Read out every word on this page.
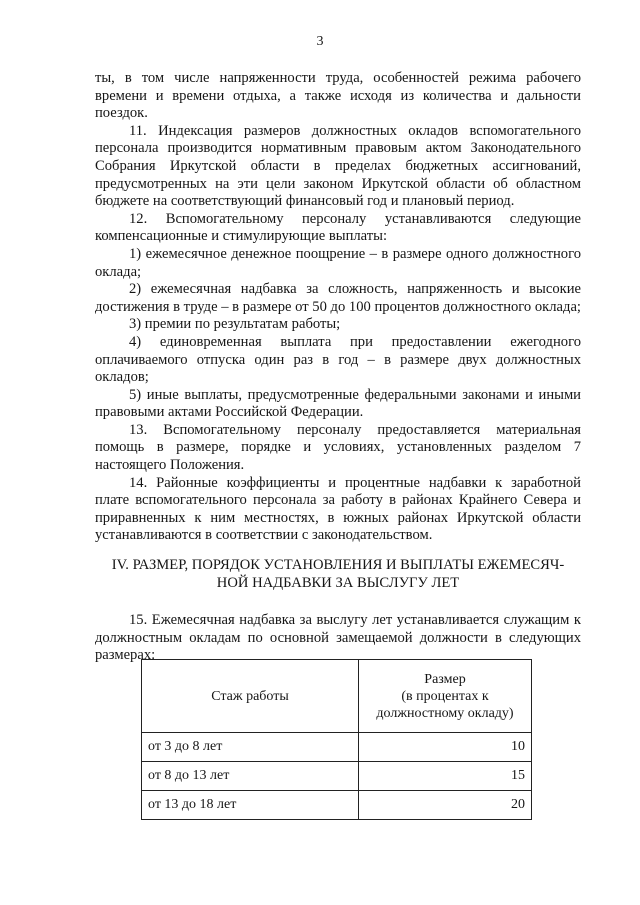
3

ты, в том числе напряженности труда, особенностей режима рабочего времени и времени отдыха, а также исходя из количества и дальности поездок.

11. Индексация размеров должностных окладов вспомогательного персонала производится нормативным правовым актом Законодательного Собрания Иркутской области в пределах бюджетных ассигнований, предусмотренных на эти цели законом Иркутской области об областном бюджете на соответствующий финансовый год и плановый период.

12. Вспомогательному персоналу устанавливаются следующие компенсационные и стимулирующие выплаты:

1) ежемесячное денежное поощрение – в размере одного должностного оклада;

2) ежемесячная надбавка за сложность, напряженность и высокие достижения в труде – в размере от 50 до 100 процентов должностного оклада;

3) премии по результатам работы;

4) единовременная выплата при предоставлении ежегодного оплачиваемого отпуска один раз в год – в размере двух должностных окладов;

5) иные выплаты, предусмотренные федеральными законами и иными правовыми актами Российской Федерации.

13. Вспомогательному персоналу предоставляется материальная помощь в размере, порядке и условиях, установленных разделом 7 настоящего Положения.

14. Районные коэффициенты и процентные надбавки к заработной плате вспомогательного персонала за работу в районах Крайнего Севера и приравненных к ним местностях, в южных районах Иркутской области устанавливаются в соответствии с законодательством.

IV. РАЗМЕР, ПОРЯДОК УСТАНОВЛЕНИЯ И ВЫПЛАТЫ ЕЖЕМЕСЯЧ-
НОЙ НАДБАВКИ ЗА ВЫСЛУГУ ЛЕТ

15. Ежемесячная надбавка за выслугу лет устанавливается служащим к должностным окладам по основной замещаемой должности в следующих размерах:

Стаж работы	Размер
(в процентах к
должностному окладу)

от 3 до 8 лет	10
от 8 до 13 лет	15
от 13 до 18 лет	20
